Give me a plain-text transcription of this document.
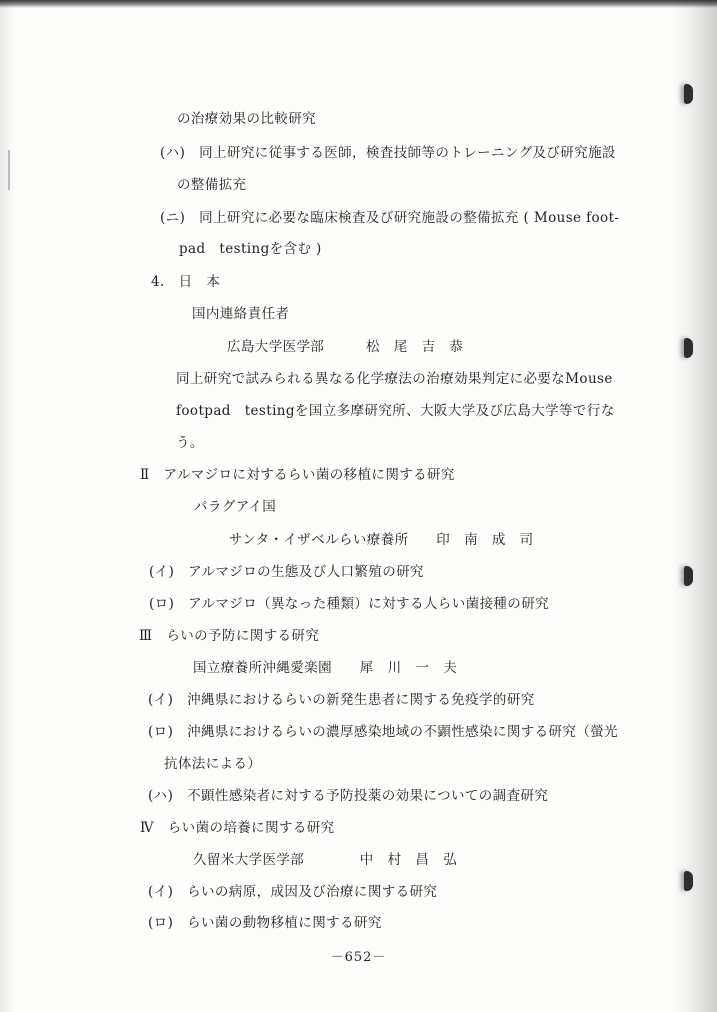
の治療効果の比較研究
(ハ)　同上研究に従事する医師，検査技師等のトレーニング及び研究施設
の整備拡充
(ニ)　同上研究に必要な臨床検査及び研究施設の整備拡充 ( Mouse foot-
pad　testingを含む )
4.　日　本
国内連絡責任者
広島大学医学部　　　松　尾　吉　恭
同上研究で試みられる異なる化学療法の治療効果判定に必要なMouse
footpad　testingを国立多摩研究所、大阪大学及び広島大学等で行な
う。
Ⅱ　アルマジロに対するらい菌の移植に関する研究
パラグアイ国
サンタ・イザベルらい療養所　　印　南　成　司
(イ)　アルマジロの生態及び人口繁殖の研究
(ロ)　アルマジロ（異なった種類）に対する人らい菌接種の研究
Ⅲ　らいの予防に関する研究
国立療養所沖縄愛楽園　　犀　川　一　夫
(イ)　沖縄県におけるらいの新発生患者に関する免疫学的研究
(ロ)　沖縄県におけるらいの濃厚感染地域の不顕性感染に関する研究（螢光
抗体法による）
(ハ)　不顕性感染者に対する予防投薬の効果についての調査研究
Ⅳ　らい菌の培養に関する研究
久留米大学医学部　　　　中　村　昌　弘
(イ)　らいの病原，成因及び治療に関する研究
(ロ)　らい菌の動物移植に関する研究
－652－
